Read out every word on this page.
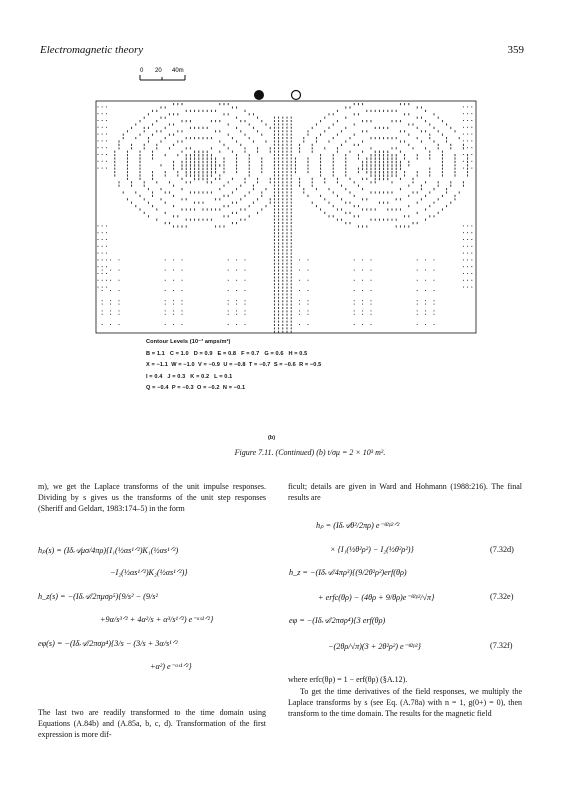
Electromagnetic theory	359
0 20 40m
Contour Levels (10⁻³ amps/m²)
B = 1.1   C = 1.0   D = 0.9   E = 0.8   F = 0.7   G = 0.6   H = 0.5
X = −1.1  W = −1.0  V = −0.9  U = −0.8  T = −0.7  S = −0.6  R = −0.5
I = 0.4   J = 0.3   K = 0.2   L = 0.1
Q = −0.4  P = −0.3  O = −0.2  N = −0.1
(b)
Figure 7.11. (Continued) (b) t/σμ = 2 × 10³ m².
m), we get the Laplace transforms of the unit impulse responses. Dividing by s gives us the transforms of the unit step responses (Sheriff and Geldart, 1983:174–5) in the form
hₚ(s) = (Iδ𝒜μσ/4πρ){I₁(½αs¹ᐟ²)K₁(½αs¹ᐟ²)
−I₂(½αs¹ᐟ²)K₂(½αs¹ᐟ²)}
h_z(s) = −(Iδ𝒜/2πμσρ⁵){9/s² − (9/s²
+9α/s³ᐟ² + 4α²/s + α³/s¹ᐟ²) e⁻ᵅˢ¹ᐟ²}
eφ(s) = −(Iδ𝒜/2πσρ⁴){3/s − (3/s + 3α/s¹ᐟ²
+α²) e⁻ᵅˢ¹ᐟ²}
The last two are readily transformed to the time domain using Equations (A.84b) and (A.85a, b, c, d). Transformation of the first expression is more dif-
ficult; details are given in Ward and Hohmann (1988:216). The final results are
hₚ = (Iδ𝒜θ²/2πρ) e⁻ᶿ²ᵖ²ᐟ²
× {I₁(½θ²ρ²) − I₂(½θ²ρ²)}	(7.32d)
h_z = −(Iδ𝒜/4πρ³){(9/2θ²ρ²)erf(θρ)
+ erfc(θρ) − (4θρ + 9/θρ)e⁻ᶿ²ᵖ²/√π}	(7.32e)
eφ = −(Iδ𝒜/2πσρ⁴){3 erf(θρ)
−(2θρ/√π)(3 + 2θ²ρ²) e⁻ᶿ²ᵖ²}	(7.32f)
where erfc(θρ) = 1 − erf(θρ) (§A.12).
To get the time derivatives of the field responses, we multiply the Laplace transforms by s (see Eq. (A.78a) with n = 1, g(0+) = 0), then transform to the time domain. The results for the magnetic field
